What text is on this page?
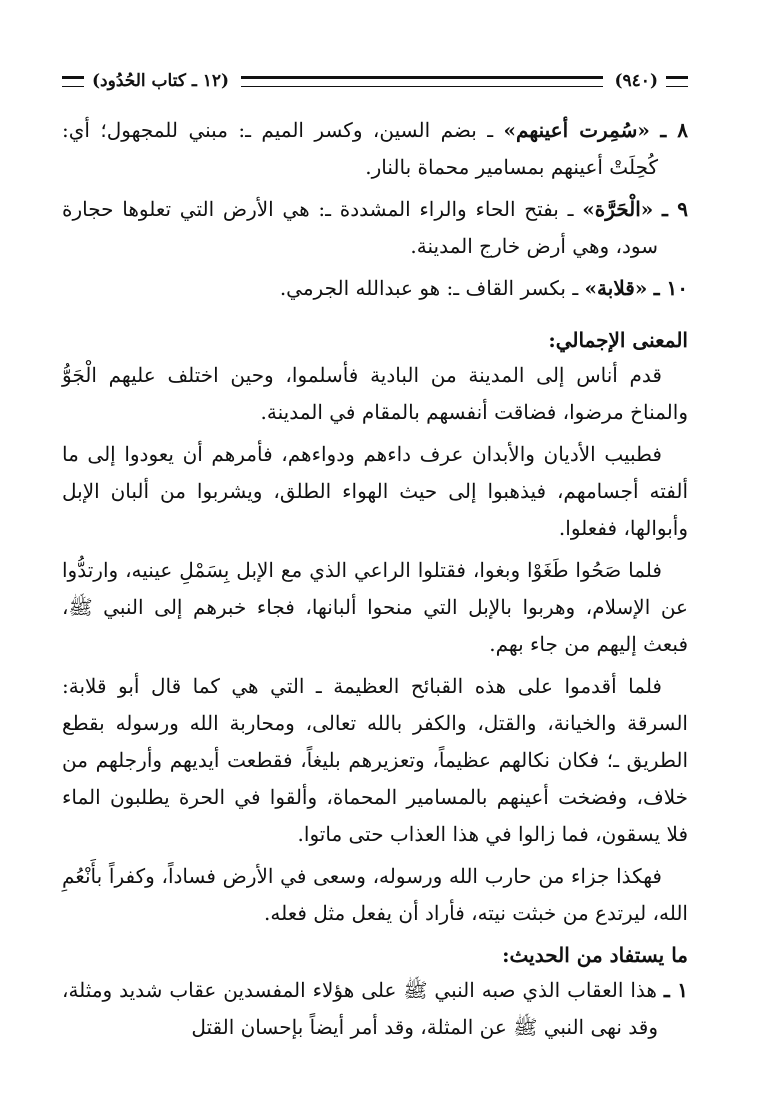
(٩٤٠)
(١٢ ـ كتاب الحُدُود)

٨ ـ «سُمِرت أعينهم» ـ بضم السين، وكسر الميم ـ: مبني للمجهول؛ أي: كُحِلَتْ أعينهم بمسامير محماة بالنار.

٩ ـ «الْحَرَّة» ـ بفتح الحاء والراء المشددة ـ: هي الأرض التي تعلوها حجارة سود، وهي أرض خارج المدينة.

١٠ ـ «قلابة» ـ بكسر القاف ـ: هو عبدالله الجرمي.

المعنى الإجمالي:

قدم أناس إلى المدينة من البادية فأسلموا، وحين اختلف عليهم الْجَوُّ والمناخ مرضوا، فضاقت أنفسهم بالمقام في المدينة.

فطبيب الأديان والأبدان عرف داءهم ودواءهم، فأمرهم أن يعودوا إلى ما ألفته أجسامهم، فيذهبوا إلى حيث الهواء الطلق، ويشربوا من ألبان الإبل وأبوالها، ففعلوا.

فلما صَحُوا طَغَوْا وبغوا، فقتلوا الراعي الذي مع الإبل بِسَمْلِ عينيه، وارتدُّوا عن الإسلام، وهربوا بالإبل التي منحوا ألبانها، فجاء خبرهم إلى النبي ﷺ، فبعث إليهم من جاء بهم.

فلما أقدموا على هذه القبائح العظيمة ـ التي هي كما قال أبو قلابة: السرقة والخيانة، والقتل، والكفر بالله تعالى، ومحاربة الله ورسوله بقطع الطريق ـ؛ فكان نكالهم عظيماً، وتعزيرهم بليغاً، فقطعت أيديهم وأرجلهم من خلاف، وفضخت أعينهم بالمسامير المحماة، وألقوا في الحرة يطلبون الماء فلا يسقون، فما زالوا في هذا العذاب حتى ماتوا.

فهكذا جزاء من حارب الله ورسوله، وسعى في الأرض فساداً، وكفراً بأَنْعُمِ الله، ليرتدع من خبثت نيته، فأراد أن يفعل مثل فعله.

ما يستفاد من الحديث:

١ ـ هذا العقاب الذي صبه النبي ﷺ على هؤلاء المفسدين عقاب شديد ومثلة، وقد نهى النبي ﷺ عن المثلة، وقد أمر أيضاً بإحسان القتل
